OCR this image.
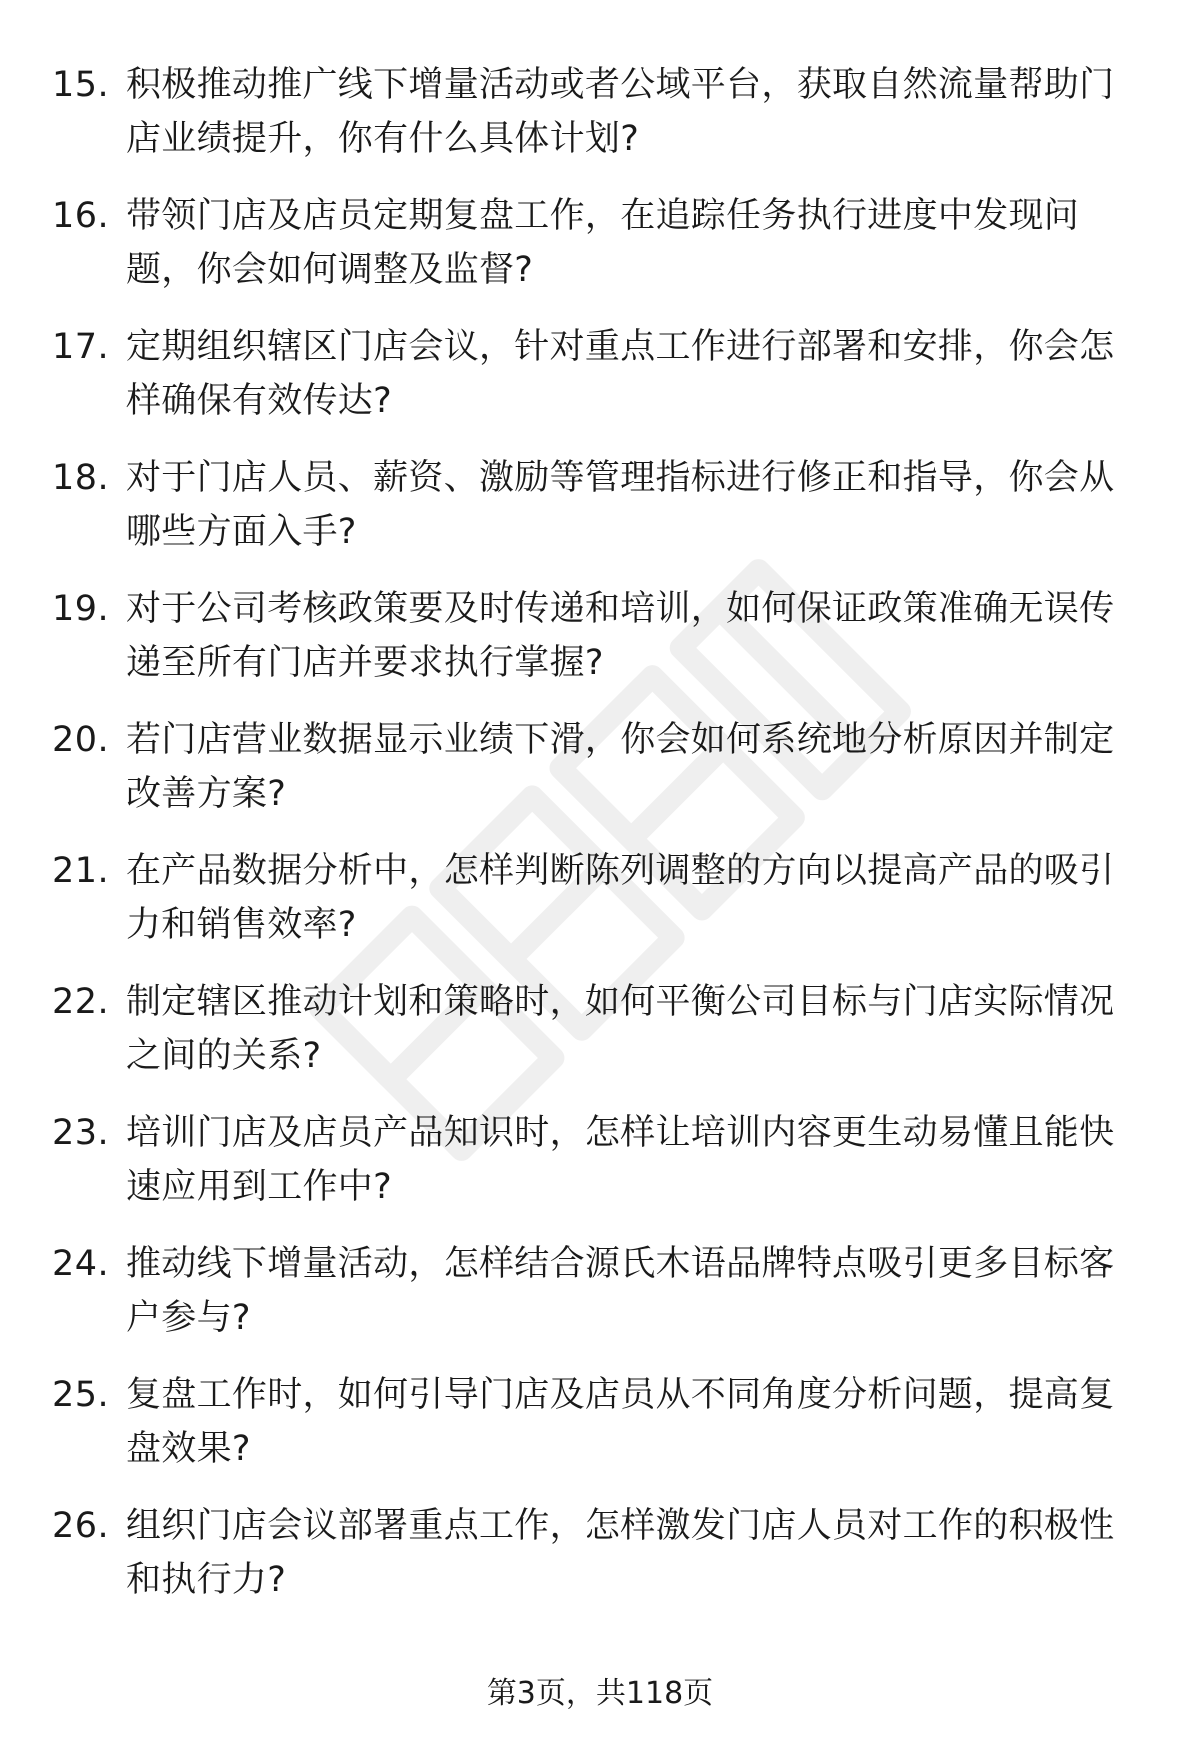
15. 积极推动推广线下增量活动或者公域平台，获取自然流量帮助门店业绩提升，你有什么具体计划?
16. 带领门店及店员定期复盘工作，在追踪任务执行进度中发现问题，你会如何调整及监督?
17. 定期组织辖区门店会议，针对重点工作进行部署和安排，你会怎样确保有效传达?
18. 对于门店人员、薪资、激励等管理指标进行修正和指导，你会从哪些方面入手?
19. 对于公司考核政策要及时传递和培训，如何保证政策准确无误传递至所有门店并要求执行掌握?
20. 若门店营业数据显示业绩下滑，你会如何系统地分析原因并制定改善方案?
21. 在产品数据分析中，怎样判断陈列调整的方向以提高产品的吸引力和销售效率?
22. 制定辖区推动计划和策略时，如何平衡公司目标与门店实际情况之间的关系?
23. 培训门店及店员产品知识时，怎样让培训内容更生动易懂且能快速应用到工作中?
24. 推动线下增量活动，怎样结合源氏木语品牌特点吸引更多目标客户参与?
25. 复盘工作时，如何引导门店及店员从不同角度分析问题，提高复盘效果?
26. 组织门店会议部署重点工作，怎样激发门店人员对工作的积极性和执行力?
第3页，共118页
